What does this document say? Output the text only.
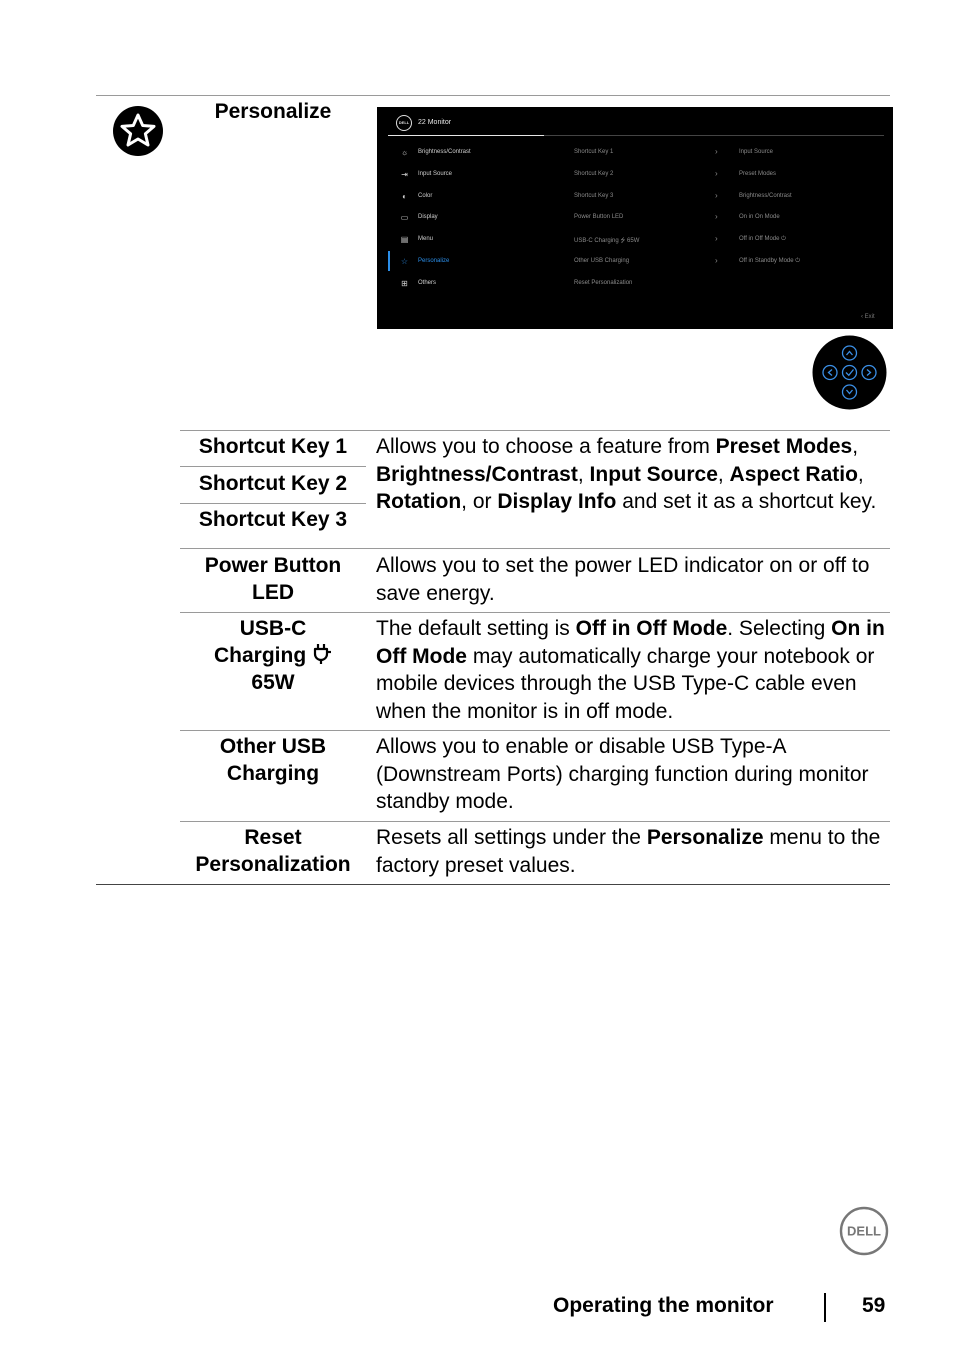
Personalize	DELL	22 Monitor
☼	Brightness/Contrast	Shortcut Key 1	›	Input Source
⇥	Input Source	Shortcut Key 2	›	Preset Modes
◐	Color	Shortcut Key 3	›	Brightness/Contrast
▭ Display	Power Button LED	›	On in On Mode
▤ Menu	USB-C Charging ⭍ 65W	›	Off in Off Mode ⏻
☆	Personalize	Other USB Charging	›	Off in Standby Mode ⏻
⊞	Others	Reset Personalization
‹ Exit
Shortcut Key 1
Shortcut Key 2
Shortcut Key 3
Allows you to choose a feature from Preset Modes, Brightness/Contrast, Input Source, Aspect Ratio, Rotation, or Display Info and set it as a shortcut key.
Power Button
LED
Allows you to set the power LED indicator on or off to save energy.
USB-C
Charging
65W
The default setting is Off in Off Mode. Selecting On in Off Mode may automatically charge your notebook or mobile devices through the USB Type-C cable even when the monitor is in off mode.
Other USB
Charging
Allows you to enable or disable USB Type-A (Downstream Ports) charging function during monitor standby mode.
Reset
Personalization
Resets all settings under the Personalize menu to the factory preset values.
DELL
Operating the monitor	59
